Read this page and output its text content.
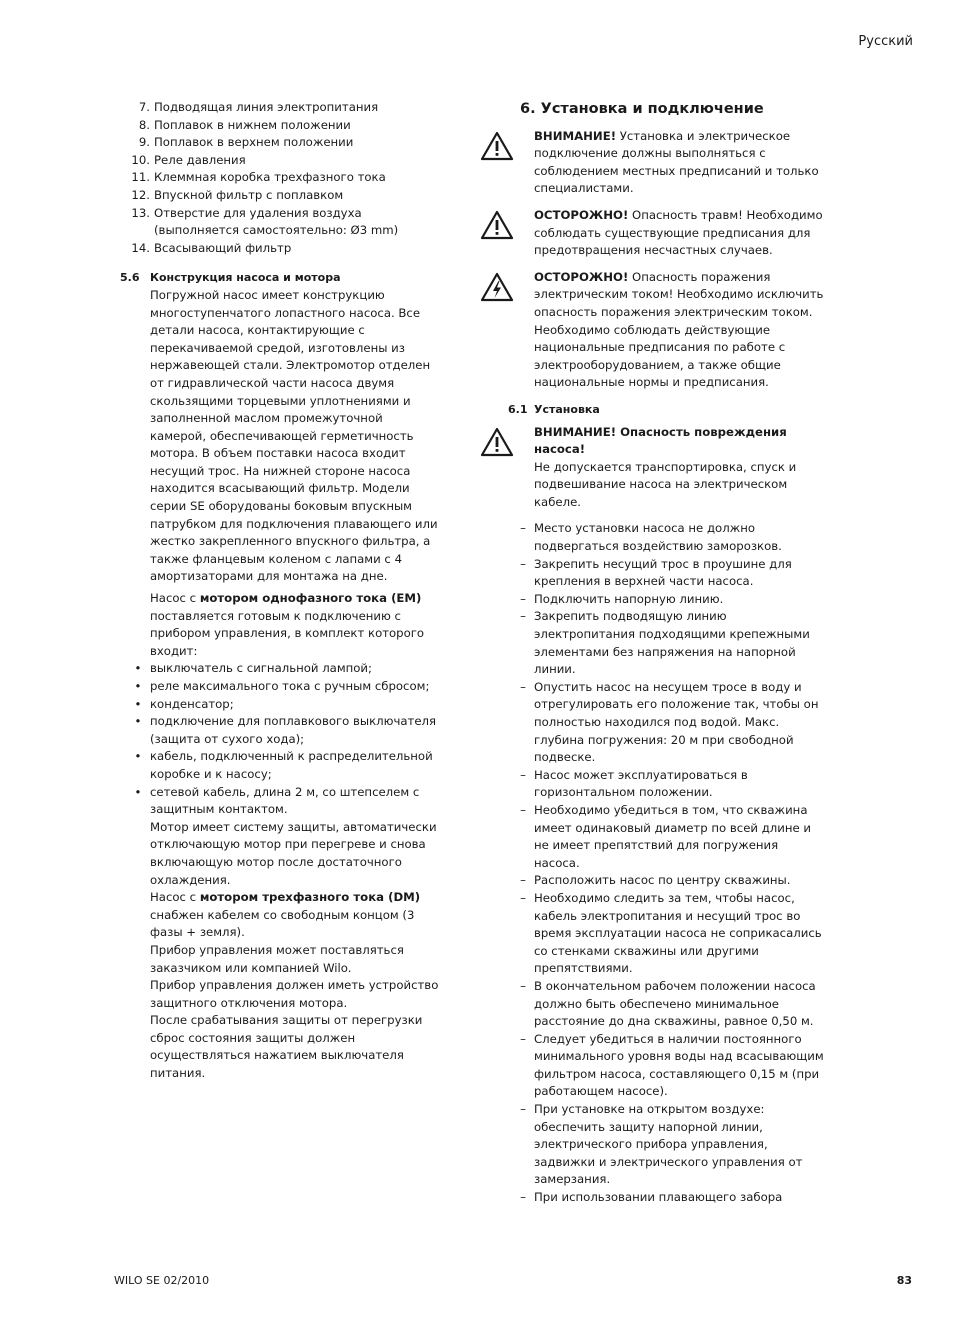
Русский
7. Подводящая линия электропитания
8. Поплавок в нижнем положении
9. Поплавок в верхнем положении
10. Реле давления
11. Клеммная коробка трехфазного тока
12. Впускной фильтр с поплавком
13. Отверстие для удаления воздуха (выполняется самостоятельно: Ø3 mm)
14. Всасывающий фильтр
5.6 Конструкция насоса и мотора
Погружной насос имеет конструкцию многоступенчатого лопастного насоса. Все детали насоса, контактирующие с перекачиваемой средой, изготовлены из нержавеющей стали. Электромотор отделен от гидравлической части насоса двумя скользящими торцевыми уплотнениями и заполненной маслом промежуточной камерой, обеспечивающей герметичность мотора. В объем поставки насоса входит несущий трос. На нижней стороне насоса находится всасывающий фильтр. Модели серии SE оборудованы боковым впускным патрубком для подключения плавающего или жестко закрепленного впускного фильтра, а также фланцевым коленом с лапами с 4 амортизаторами для монтажа на дне.
Насос с мотором однофазного тока (EM) поставляется готовым к подключению с прибором управления, в комплект которого входит:
• выключатель с сигнальной лампой;
• реле максимального тока с ручным сбросом;
• конденсатор;
• подключение для поплавкового выключателя (защита от сухого хода);
• кабель, подключенный к распределительной коробке и к насосу;
• сетевой кабель, длина 2 м, со штепселем с защитным контактом.
Мотор имеет систему защиты, автоматически отключающую мотор при перегреве и снова включающую мотор после достаточного охлаждения.
Насос с мотором трехфазного тока (DM) снабжен кабелем со свободным концом (3 фазы + земля).
Прибор управления может поставляться заказчиком или компанией Wilo.
Прибор управления должен иметь устройство защитного отключения мотора.
После срабатывания защиты от перегрузки сброс состояния защиты должен осуществляться нажатием выключателя питания.
6. Установка и подключение
ВНИМАНИЕ! Установка и электрическое подключение должны выполняться с соблюдением местных предписаний и только специалистами.
ОСТОРОЖНО! Опасность травм! Необходимо соблюдать существующие предписания для предотвращения несчастных случаев.
ОСТОРОЖНО! Опасность поражения электрическим током! Необходимо исключить опасность поражения электрическим током. Необходимо соблюдать действующие национальные предписания по работе с электрооборудованием, а также общие национальные нормы и предписания.
6.1 Установка
ВНИМАНИЕ! Опасность повреждения насоса!
Не допускается транспортировка, спуск и подвешивание насоса на электрическом кабеле.
– Место установки насоса не должно подвергаться воздействию заморозков.
– Закрепить несущий трос в проушине для крепления в верхней части насоса.
– Подключить напорную линию.
– Закрепить подводящую линию электропитания подходящими крепежными элементами без напряжения на напорной линии.
– Опустить насос на несущем тросе в воду и отрегулировать его положение так, чтобы он полностью находился под водой. Макс. глубина погружения: 20 м при свободной подвеске.
– Насос может эксплуатироваться в горизонтальном положении.
– Необходимо убедиться в том, что скважина имеет одинаковый диаметр по всей длине и не имеет препятствий для погружения насоса.
– Расположить насос по центру скважины.
– Необходимо следить за тем, чтобы насос, кабель электропитания и несущий трос во время эксплуатации насоса не соприкасались со стенками скважины или другими препятствиями.
– В окончательном рабочем положении насоса должно быть обеспечено минимальное расстояние до дна скважины, равное 0,50 м.
– Следует убедиться в наличии постоянного минимального уровня воды над всасывающим фильтром насоса, составляющего 0,15 м (при работающем насосе).
– При установке на открытом воздухе: обеспечить защиту напорной линии, электрического прибора управления, задвижки и электрического управления от замерзания.
– При использовании плавающего забора
WILO SE 02/2010	83
